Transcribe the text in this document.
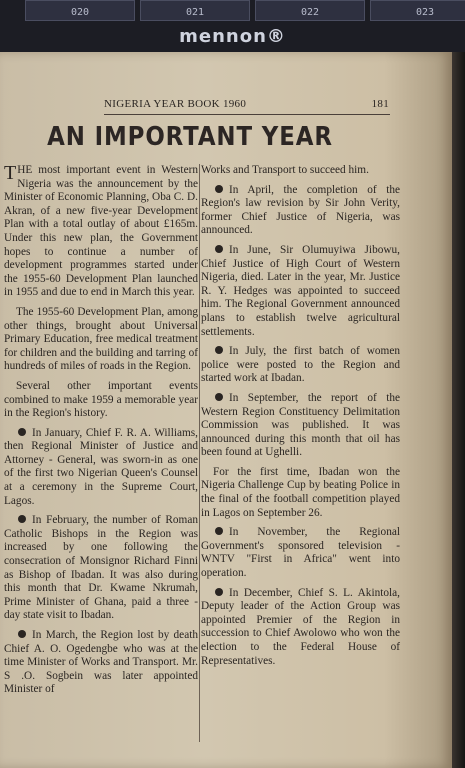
020	021	022	023
mennon®
NIGERIA YEAR BOOK 1960	181
AN IMPORTANT YEAR

THE most important event in Western Nigeria was the announcement by the Minister of Economic Planning, Oba C. D. Akran, of a new five-year Development Plan with a total outlay of about £165m. Under this new plan, the Government hopes to continue a number of development programmes started under the 1955-60 Development Plan launched in 1955 and due to end in March this year.

The 1955-60 Development Plan, among other things, brought about Universal Primary Education, free medical treatment for children and the building and tarring of hundreds of miles of roads in the Region.

Several other important events combined to make 1959 a memorable year in the Region's history.

In January, Chief F. R. A. Williams, then Regional Minister of Justice and Attorney - General, was sworn-in as one of the first two Nigerian Queen's Counsel at a ceremony in the Supreme Court, Lagos.

In February, the number of Roman Catholic Bishops in the Region was increased by one following the consecration of Monsignor Richard Finni as Bishop of Ibadan. It was also during this month that Dr. Kwame Nkrumah, Prime Minister of Ghana, paid a three - day state visit to Ibadan.

In March, the Region lost by death Chief A. O. Ogedengbe who was at the time Minister of Works and Transport. Mr. S .O. Sogbein was later appointed Minister of

Works and Transport to succeed him.

In April, the completion of the Region's law revision by Sir John Verity, former Chief Justice of Nigeria, was announced.

In June, Sir Olumuyiwa Jibowu, Chief Justice of High Court of Western Nigeria, died. Later in the year, Mr. Justice R. Y. Hedges was appointed to succeed him. The Regional Government announced plans to establish twelve agricultural settlements.

In July, the first batch of women police were posted to the Region and started work at Ibadan.

In September, the report of the Western Region Constituency Delimitation Commission was published. It was announced during this month that oil has been found at Ughelli.

For the first time, Ibadan won the Nigeria Challenge Cup by beating Police in the final of the football competition played in Lagos on September 26.

In November, the Regional Government's sponsored television - WNTV "First in Africa" went into operation.

In December, Chief S. L. Akintola, Deputy leader of the Action Group was appointed Premier of the Region in succession to Chief Awolowo who won the election to the Federal House of Representatives.
